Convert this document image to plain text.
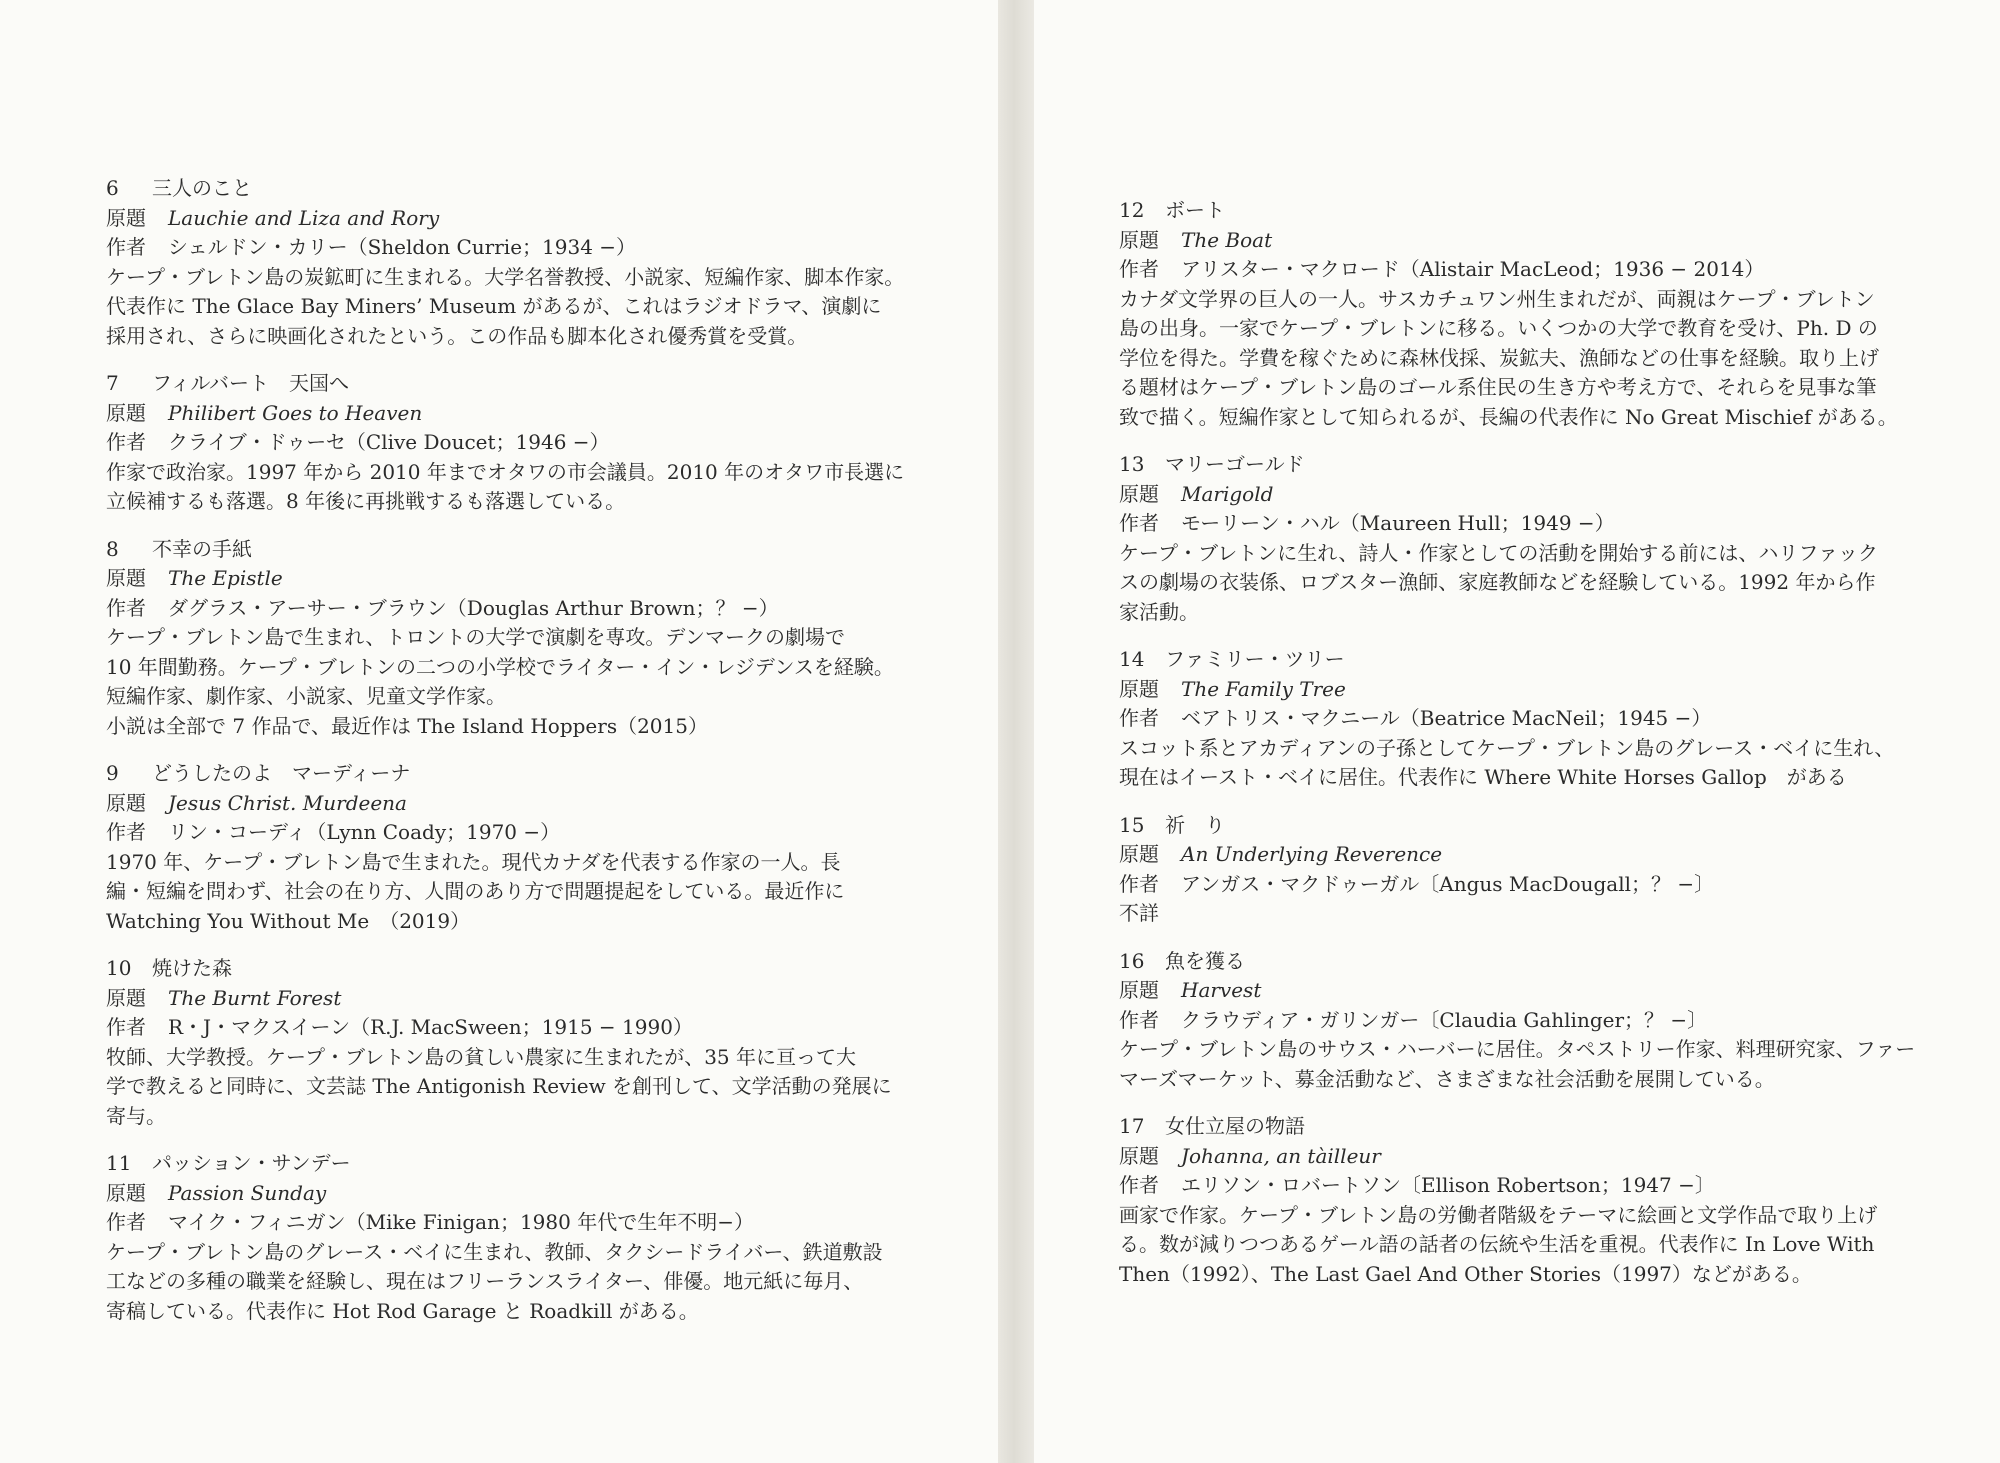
6 三人のこと
原題 Lauchie and Liza and Rory
作者 シェルドン・カリー（Sheldon Currie；1934 −）
ケープ・ブレトン島の炭鉱町に生まれる。大学名誉教授、小説家、短編作家、脚本作家。
代表作に The Glace Bay Miners’ Museum があるが、これはラジオドラマ、演劇に
採用され、さらに映画化されたという。この作品も脚本化され優秀賞を受賞。
7 フィルバート　天国へ
原題 Philibert Goes to Heaven
作者 クライブ・ドゥーセ（Clive Doucet；1946 −）
作家で政治家。1997 年から 2010 年までオタワの市会議員。2010 年のオタワ市長選に
立候補するも落選。8 年後に再挑戦するも落選している。
8 不幸の手紙
原題 The Epistle
作者 ダグラス・アーサー・ブラウン（Douglas Arthur Brown；？ −）
ケープ・ブレトン島で生まれ、トロントの大学で演劇を専攻。デンマークの劇場で
10 年間勤務。ケープ・ブレトンの二つの小学校でライター・イン・レジデンスを経験。
短編作家、劇作家、小説家、児童文学作家。
小説は全部で 7 作品で、最近作は The Island Hoppers（2015）
9 どうしたのよ　マーディーナ
原題 Jesus Christ. Murdeena
作者 リン・コーディ（Lynn Coady；1970 −）
1970 年、ケープ・ブレトン島で生まれた。現代カナダを代表する作家の一人。長
編・短編を問わず、社会の在り方、人間のあり方で問題提起をしている。最近作に
Watching You Without Me　（2019）
10 焼けた森
原題 The Burnt Forest
作者 R・J・マクスイーン（R.J. MacSween；1915 − 1990）
牧師、大学教授。ケープ・ブレトン島の貧しい農家に生まれたが、35 年に亘って大
学で教えると同時に、文芸誌 The Antigonish Review を創刊して、文学活動の発展に
寄与。
11 パッション・サンデー
原題 Passion Sunday
作者 マイク・フィニガン（Mike Finigan；1980 年代で生年不明−）
ケープ・ブレトン島のグレース・ベイに生まれ、教師、タクシードライバー、鉄道敷設
工などの多種の職業を経験し、現在はフリーランスライター、俳優。地元紙に毎月、
寄稿している。代表作に Hot Rod Garage と Roadkill がある。
12 ボート
原題 The Boat
作者 アリスター・マクロード（Alistair MacLeod；1936 − 2014）
カナダ文学界の巨人の一人。サスカチュワン州生まれだが、両親はケープ・ブレトン
島の出身。一家でケープ・ブレトンに移る。いくつかの大学で教育を受け、Ph. D の
学位を得た。学費を稼ぐために森林伐採、炭鉱夫、漁師などの仕事を経験。取り上げ
る題材はケープ・ブレトン島のゴール系住民の生き方や考え方で、それらを見事な筆
致で描く。短編作家として知られるが、長編の代表作に No Great Mischief がある。
13 マリーゴールド
原題 Marigold
作者 モーリーン・ハル（Maureen Hull；1949 −）
ケープ・ブレトンに生れ、詩人・作家としての活動を開始する前には、ハリファック
スの劇場の衣装係、ロブスター漁師、家庭教師などを経験している。1992 年から作
家活動。
14 ファミリー・ツリー
原題 The Family Tree
作者 ベアトリス・マクニール（Beatrice MacNeil；1945 −）
スコット系とアカディアンの子孫としてケープ・ブレトン島のグレース・ベイに生れ、
現在はイースト・ベイに居住。代表作に Where White Horses Gallop　がある
15 祈　り
原題 An Underlying Reverence
作者 アンガス・マクドゥーガル〔Angus MacDougall；？ −〕
不詳
16 魚を獲る
原題 Harvest
作者 クラウディア・ガリンガー〔Claudia Gahlinger；？ −〕
ケープ・ブレトン島のサウス・ハーバーに居住。タペストリー作家、料理研究家、ファー
マーズマーケット、募金活動など、さまざまな社会活動を展開している。
17 女仕立屋の物語
原題 Johanna, an tàilleur
作者 エリソン・ロバートソン〔Ellison Robertson；1947 −〕
画家で作家。ケープ・ブレトン島の労働者階級をテーマに絵画と文学作品で取り上げ
る。数が減りつつあるゲール語の話者の伝統や生活を重視。代表作に In Love With
Then（1992）、The Last Gael And Other Stories（1997）などがある。
